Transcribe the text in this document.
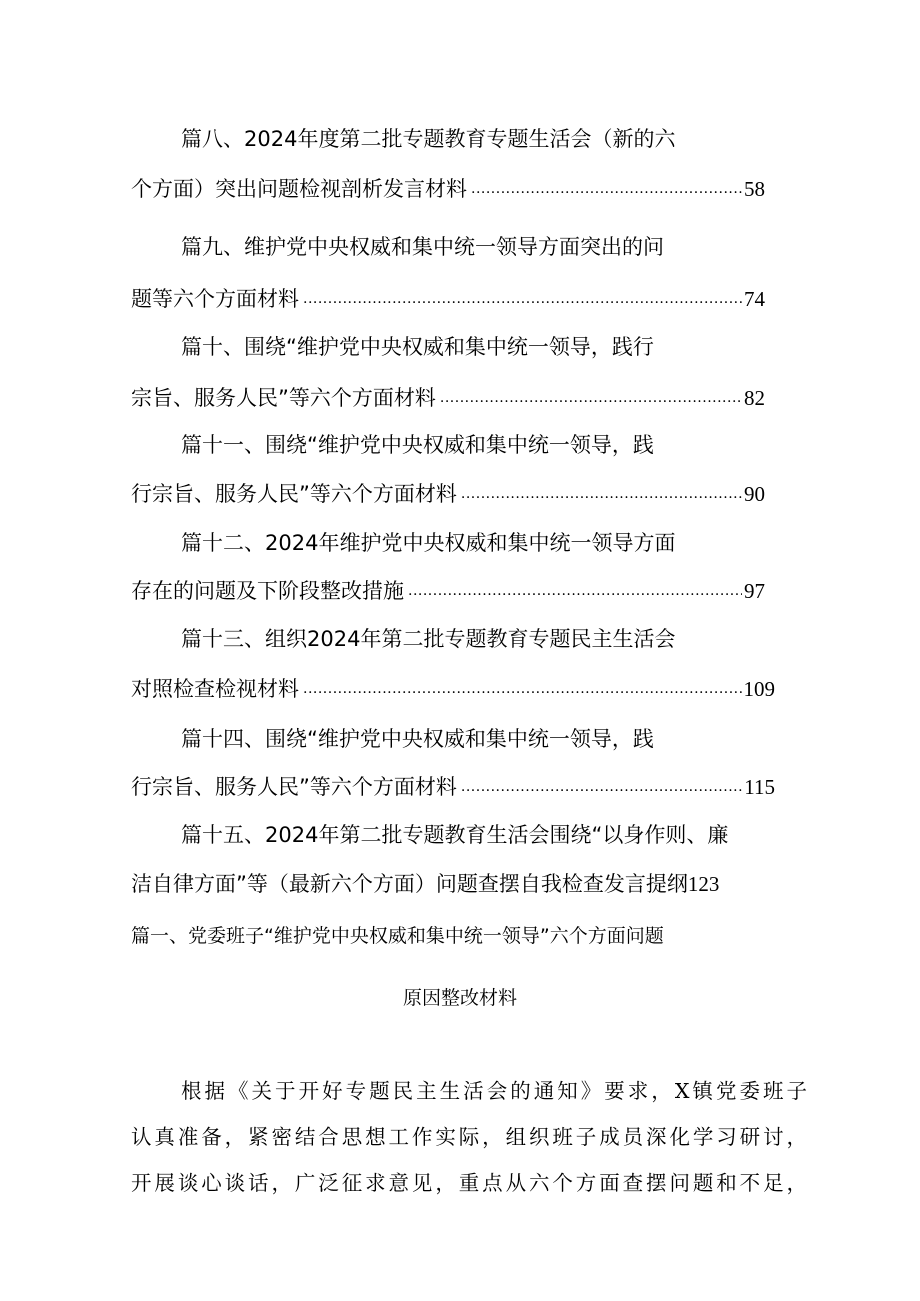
篇八、2024年度第二批专题教育专题生活会（新的六
个方面）突出问题检视剖析发言材料 .....	58
篇九、维护党中央权威和集中统一领导方面突出的问
题等六个方面材料 .....	74
篇十、围绕“维护党中央权威和集中统一领导，践行
宗旨、服务人民”等六个方面材料 .....	82
篇十一、围绕“维护党中央权威和集中统一领导，践
行宗旨、服务人民”等六个方面材料 .....	90
篇十二、2024年维护党中央权威和集中统一领导方面
存在的问题及下阶段整改措施 .....	97
篇十三、组织2024年第二批专题教育专题民主生活会
对照检查检视材料 .....	109
篇十四、围绕“维护党中央权威和集中统一领导，践
行宗旨、服务人民”等六个方面材料 .....	115
篇十五、2024年第二批专题教育生活会围绕“以身作则、廉
洁自律方面”等（最新六个方面）问题查摆自我检查发言提纲 123
篇一、党委班子“维护党中央权威和集中统一领导”六个方面问题
原因整改材料
根据《关于开好专题民主生活会的通知》要求，X镇党委班子
认真准备，紧密结合思想工作实际，组织班子成员深化学习研讨，
开展谈心谈话，广泛征求意见，重点从六个方面查摆问题和不足，
